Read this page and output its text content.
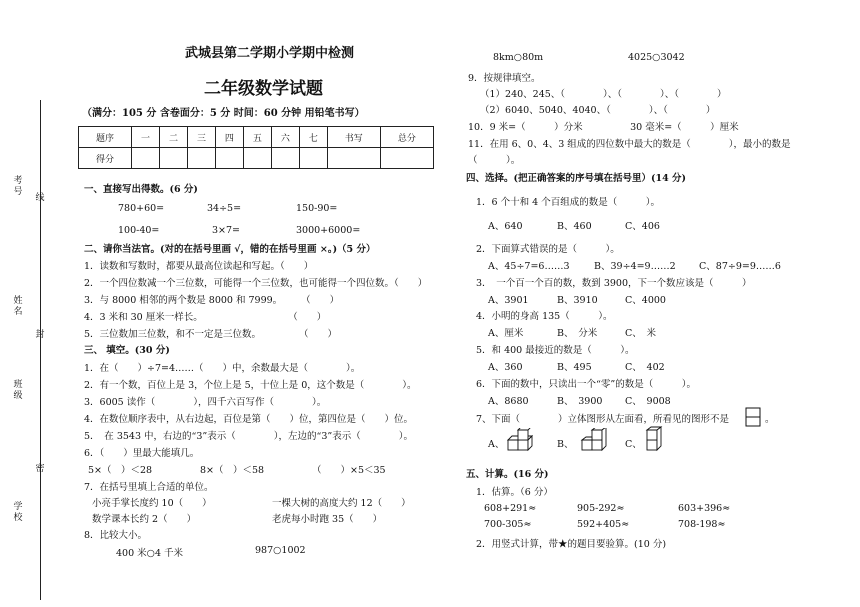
考号
线
姓名
封
班级
密
学校
武城县第二学期小学期中检测
二年级数学试题
（满分：105 分 含卷面分：5 分 时间：60 分钟 用铅笔书写）
题序	一	二	三	四	五	六	七	书写	总分
得分									
一、直接写出得数。(6 分)
780+60=	34÷5=	150-90=
100-40=	3×7=	3000+6000=
二、请你当法官。(对的在括号里画 √，错的在括号里画 ×。)（5 分）
1．读数和写数时，都要从最高位读起和写起。（　　）
2．一个四位数减一个三位数，可能得一个三位数，也可能得一个四位数。（　　）
3．与 8000 相邻的两个数是 8000 和 7999。　　　（　　）
4．3 米和 30 厘米一样长。　　　　　　　　　　（　　）
5．三位数加三位数，和不一定是三位数。　　　　　（　　）
三、 填空。(30 分)
1．在（　　）÷7=4……（　　）中，余数最大是（　　　　）。
2．有一个数，百位上是 3，个位上是 5，十位上是 0，这个数是（　　　　）。
3．6005 读作（　　　　），四千六百写作（　　　　）。
4．在数位顺序表中，从右边起，百位是第（　　）位，第四位是（　　）位。
5．　在 3543 中，右边的“3”表示（　　　　），左边的“3”表示（　　　　）。
6．（　　）里最大能填几。
5×（　）＜28	8×（　）＜58	（　　）×5＜35
7．在括号里填上合适的单位。
小亮手掌长度约 10（　　）	一棵大树的高度大约 12（　　）
数学课本长约 2（　　）	老虎每小时跑 35（　　）
8．比较大小。
400 米○4 千米	987○1002
8km○80m	4025○3042
9．按规律填空。
（1）240、245、（　　　　）、（　　　　）、（　　　　）
（2）6040、5040、4040、（　　　　）、（　　　　）
10．9 米=（　　　）分米　　　　　30 毫米=（　　　）厘米
11．在用 6、0、4、3 组成的四位数中最大的数是（　　　　），最小的数是
（　　　）。
四、选择。(把正确答案的序号填在括号里）(14 分)
1．6 个十和 4 个百组成的数是（　　　）。
A、640	B、460	C、406
2．下面算式错误的是（　　　）。
A、45÷7=6……3	B、39÷4=9……2 C、87÷9=9……6
3．　一个百一个百的数，数到 3900，下一个数应该是（　　　）
A、3901	B、3910	C、4000
4．小明的身高 135（　　　）。
A、厘米	B、　分米	C、　米
5．和 400 最接近的数是（　　　）。
A、360	B、495	C、　402
6．下面的数中，只读出一个“零”的数是（　　　）。
A、8680	B、　3900 C、　9008
7、下面（　　　　）立体图形从左面看，所看见的图形不是	。
A、	B、	C、
五、计算。(16 分)
1．估算。（6 分）
608+291≈	905-292≈	603+396≈
700-305≈	592+405≈	708-198≈
2．用竖式计算，带★的题目要验算。(10 分)
